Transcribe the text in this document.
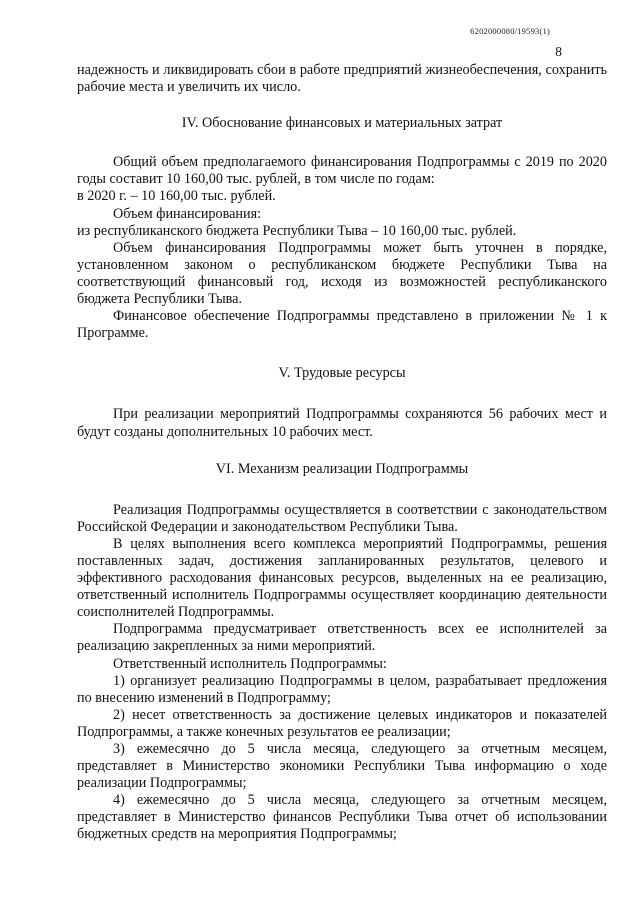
6202000080/19593(1)
8

надежность и ликвидировать сбои в работе предприятий жизнеобеспечения, сохранить рабочие места и увеличить их число.

IV. Обоснование финансовых и материальных затрат

Общий объем предполагаемого финансирования Подпрограммы с 2019 по 2020 годы составит 10 160,00 тыс. рублей, в том числе по годам:

в 2020 г. – 10 160,00 тыс. рублей.

Объем финансирования:

из республиканского бюджета Республики Тыва – 10 160,00 тыс. рублей.

Объем финансирования Подпрограммы может быть уточнен в порядке, установленном законом о республиканском бюджете Республики Тыва на соответствующий финансовый год, исходя из возможностей республиканского бюджета Республики Тыва.

Финансовое обеспечение Подпрограммы представлено в приложении № 1 к Программе.

V. Трудовые ресурсы

При реализации мероприятий Подпрограммы сохраняются 56 рабочих мест и будут созданы дополнительных 10 рабочих мест.

VI. Механизм реализации Подпрограммы

Реализация Подпрограммы осуществляется в соответствии с законодательством Российской Федерации и законодательством Республики Тыва.

В целях выполнения всего комплекса мероприятий Подпрограммы, решения поставленных задач, достижения запланированных результатов, целевого и эффективного расходования финансовых ресурсов, выделенных на ее реализацию, ответственный исполнитель Подпрограммы осуществляет координацию деятельности соисполнителей Подпрограммы.

Подпрограмма предусматривает ответственность всех ее исполнителей за реализацию закрепленных за ними мероприятий.

Ответственный исполнитель Подпрограммы:

1) организует реализацию Подпрограммы в целом, разрабатывает предложения по внесению изменений в Подпрограмму;

2) несет ответственность за достижение целевых индикаторов и показателей Подпрограммы, а также конечных результатов ее реализации;

3) ежемесячно до 5 числа месяца, следующего за отчетным месяцем, представляет в Министерство экономики Республики Тыва информацию о ходе реализации Подпрограммы;

4) ежемесячно до 5 числа месяца, следующего за отчетным месяцем, представляет в Министерство финансов Республики Тыва отчет об использовании бюджетных средств на мероприятия Подпрограммы;
